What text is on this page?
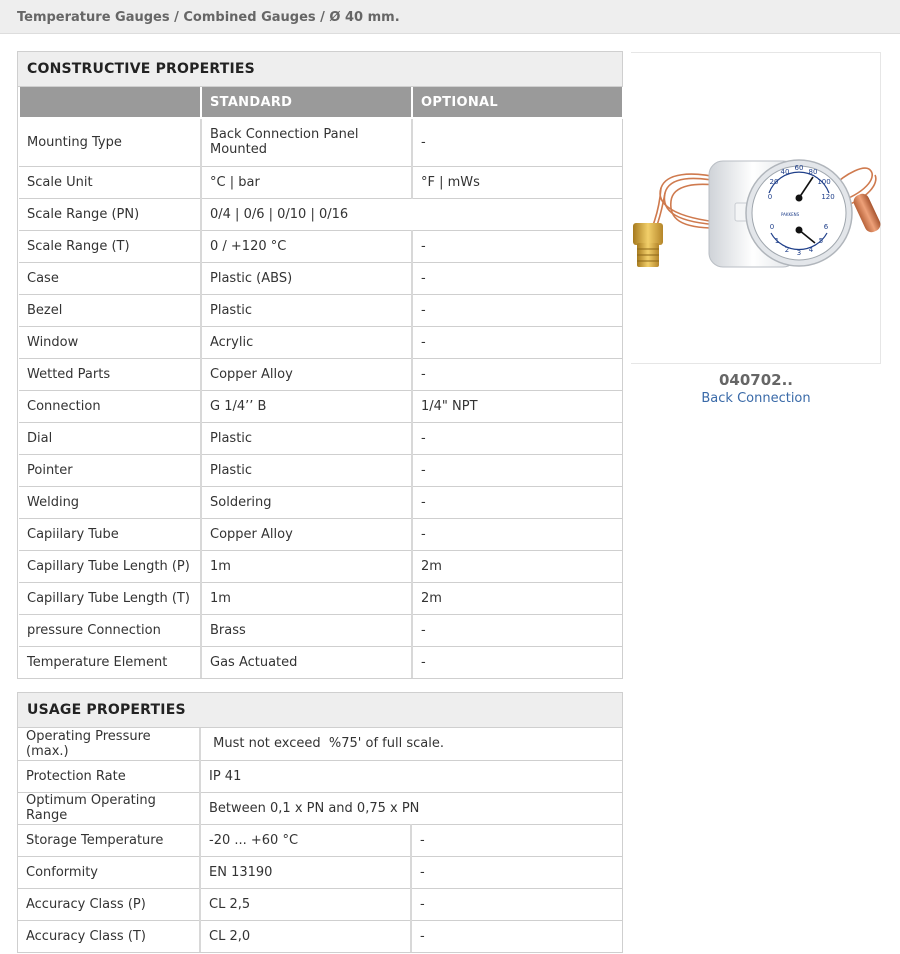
Temperature Gauges / Combined Gauges / Ø 40 mm.
CONSTRUCTIVE PROPERTIES
	STANDARD	OPTIONAL
Mounting Type	Back Connection Panel Mounted	-
Scale Unit	°C | bar	°F | mWs
Scale Range (PN)	0/4 | 0/6 | 0/10 | 0/16	
Scale Range (T)	0 / +120 °C	-
Case	Plastic (ABS)	-
Bezel	Plastic	-
Window	Acrylic	-
Wetted Parts	Copper Alloy	-
Connection	G 1/4’’ B	1/4" NPT
Dial	Plastic	-
Pointer	Plastic	-
Welding	Soldering	-
Capiilary Tube	Copper Alloy	-
Capillary Tube Length (P)	1m	2m
Capillary Tube Length (T)	1m	2m
pressure Connection	Brass	-
Temperature Element	Gas Actuated	-
USAGE PROPERTIES
Operating Pressure (max.)	Must not exceed  %75' of full scale.	
Protection Rate	IP 41	
Optimum Operating Range	Between 0,1 x PN and 0,75 x PN	
Storage Temperature	-20 ... +60 °C	-
Conformity	EN 13190	-
Accuracy Class (P)	CL 2,5	-
Accuracy Class (T)	CL 2,0	-
0
20
40 60 80
100
120
0
1
2 3 4
5
6
PAKKENS
040702..
Back Connection
